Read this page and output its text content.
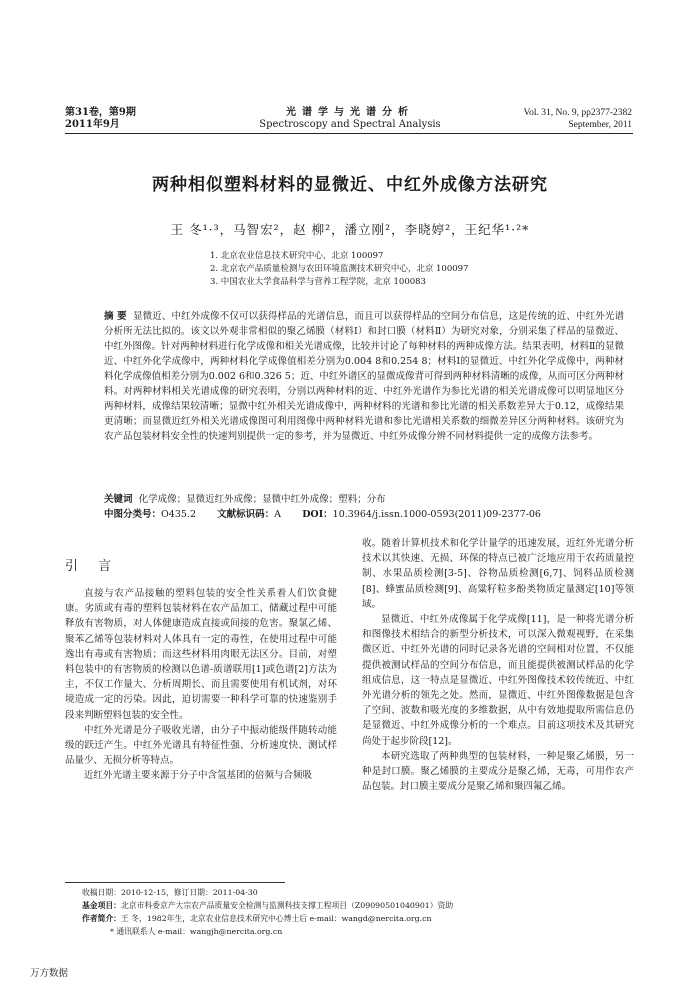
第31卷，第9期
2011年9月
光谱学与光谱分析
Spectroscopy and Spectral Analysis
Vol. 31, No. 9, pp2377-2382
September, 2011
两种相似塑料材料的显微近、中红外成像方法研究
王 冬¹·³，马智宏²，赵 柳²，潘立刚²，李晓婷²，王纪华¹·²*
1. 北京农业信息技术研究中心，北京 100097
2. 北京农产品质量检测与农田环境监测技术研究中心，北京 100097
3. 中国农业大学食品科学与营养工程学院，北京 100083
摘 要 显微近、中红外成像不仅可以获得样品的光谱信息，而且可以获得样品的空间分布信息，这是传统的近、中红外光谱分析所无法比拟的。该文以外观非常相似的聚乙烯膜（材料Ⅰ）和封口膜（材料Ⅱ）为研究对象，分别采集了样品的显微近、中红外图像。针对两种材料进行化学成像和相关光谱成像，比较并讨论了每种材料的两种成像方法。结果表明，材料Ⅱ的显微近、中红外化学成像中，两种材料化学成像值相差分别为0.004 8和0.254 8；材料Ⅰ的显微近、中红外化学成像中，两种材料化学成像值相差分别为0.002 6和0.326 5；近、中红外谱区的显微成像背可得到两种材料清晰的成像，从而可区分两种材料。对两种材料相关光谱成像的研究表明，分别以两种材料的近、中红外光谱作为参比光谱的相关光谱成像可以明显地区分两种材料，成像结果较清晰；显微中红外相关光谱成像中，两种材料的光谱和参比光谱的相关系数差异大于0.12，成像结果更清晰；而显微近红外相关光谱成像图可利用图像中两种材料光谱和参比光谱相关系数的细微差异区分两种材料。该研究为农产品包装材料安全性的快速判别提供一定的参考，并为显微近、中红外成像分辨不同材料提供一定的成像方法参考。
关键词 化学成像；显微近红外成像；显微中红外成像；塑料；分布
中图分类号：O435.2 文献标识码：A DOI：10.3964/j.issn.1000-0593(2011)09-2377-06
引 言

直接与农产品接触的塑料包装的安全性关系着人们饮食健康。劣质或有毒的塑料包装材料在农产品加工、储藏过程中可能释放有害物质，对人体健康造成直接或间接的危害。聚氯乙烯、聚苯乙烯等包装材料对人体具有一定的毒性，在使用过程中可能逸出有毒或有害物质；而这些材料用肉眼无法区分。目前，对塑料包装中的有害物质的检测以色谱-质谱联用[1]或色谱[2]方法为主，不仅工作量大、分析周期长、而且需要使用有机试剂，对环境造成一定的污染。因此，迫切需要一种科学可靠的快速鉴别手段来判断塑料包装的安全性。

中红外光谱是分子吸收光谱，由分子中振动能级伴随转动能级的跃迁产生。中红外光谱具有特征性强、分析速度快、测试样品量少、无损分析等特点。

近红外光谱主要来源于分子中含氢基团的倍频与合频吸

收。随着计算机技术和化学计量学的迅速发展，近红外光谱分析技术以其快速、无损、环保的特点已被广泛地应用于农药质量控制、水果品质检测[3-5]、谷物品质检测[6,7]、饲料品质检测[8]、蜂蜜品质检测[9]、高粱籽粒多酚类物质定量测定[10]等领域。

显微近、中红外成像属于化学成像[11]，是一种将光谱分析和图像技术相结合的新型分析技术，可以深入微观视野，在采集微区近、中红外光谱的同时记录各光谱的空间相对位置，不仅能提供被测试样品的空间分布信息，而且能提供被测试样品的化学组成信息，这一特点是显微近、中红外图像技术较传统近、中红外光谱分析的领先之处。然而，显微近、中红外图像数据是包含了空间、波数和吸光度的多维数据，从中有效地提取所需信息仍是显微近、中红外成像分析的一个难点。目前这项技术及其研究尚处于起步阶段[12]。

本研究选取了两种典型的包装材料，一种是聚乙烯膜，另一种是封口膜。聚乙烯膜的主要成分是聚乙烯，无毒，可用作农产品包装。封口膜主要成分是聚乙烯和聚四氟乙烯。

收稿日期：2010-12-15，修订日期：2011-04-30
基金项目：北京市科委京产大宗农产品质量安全检测与监测科技支撑工程项目（Z09090501040901）资助
作者简介：王 冬，1982年生，北京农业信息技术研究中心博士后 e-mail：wangd@nercita.org.cn
* 通讯联系人 e-mail：wangjh@nercita.org.cn
万方数据
